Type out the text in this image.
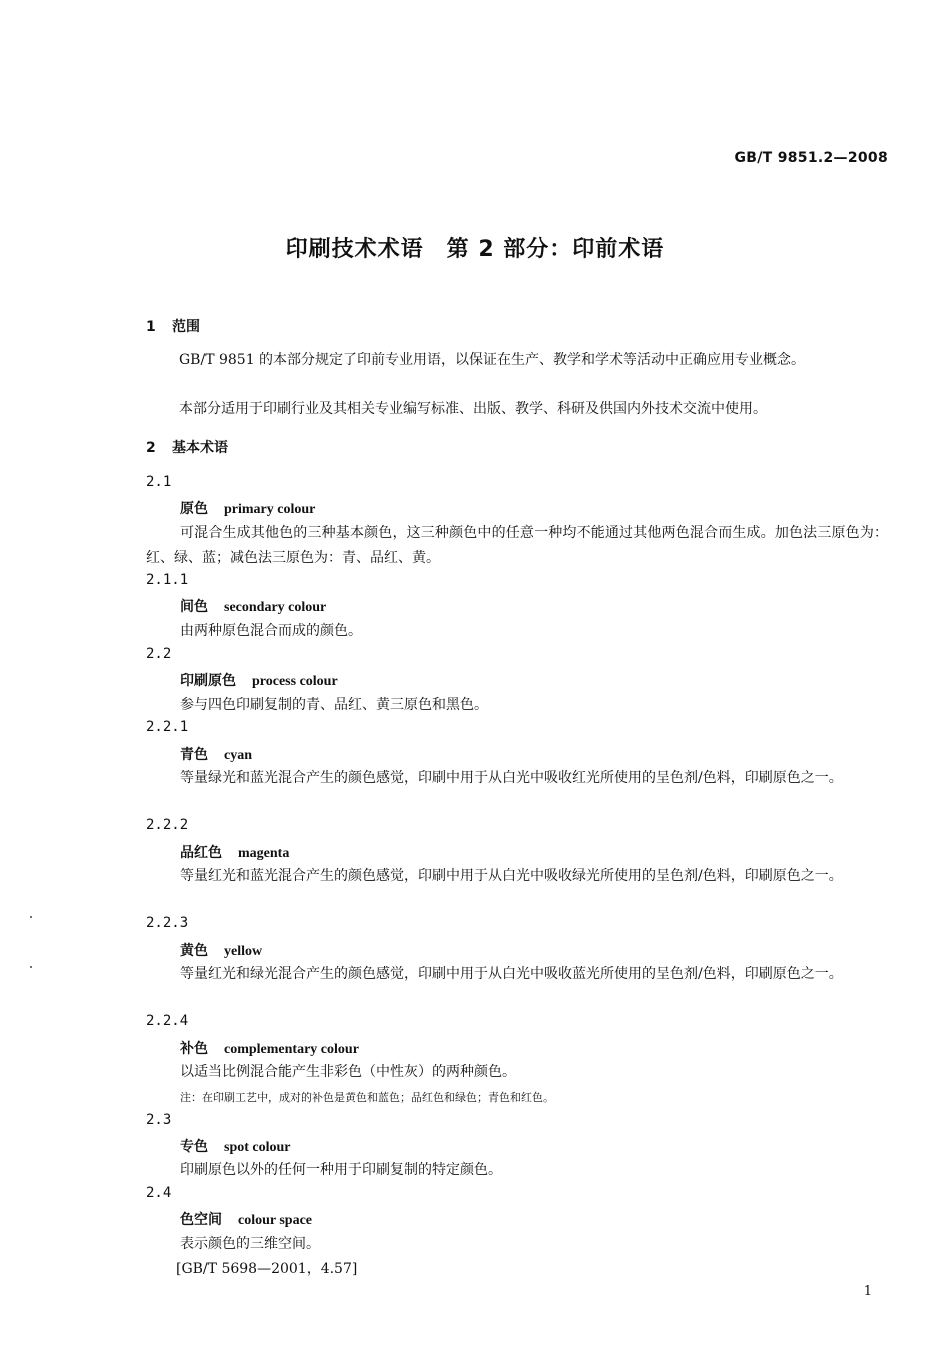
GB/T 9851.2—2008
印刷技术术语　第 2 部分：印前术语
1 范围
GB/T 9851 的本部分规定了印前专业用语，以保证在生产、教学和学术等活动中正确应用专业概念。
本部分适用于印刷行业及其相关专业编写标准、出版、教学、科研及供国内外技术交流中使用。
2 基本术语
2.1
原色 primary colour
可混合生成其他色的三种基本颜色，这三种颜色中的任意一种均不能通过其他两色混合而生成。加色法三原色为：红、绿、蓝；减色法三原色为：青、品红、黄。
2.1.1
间色 secondary colour
由两种原色混合而成的颜色。
2.2
印刷原色 process colour
参与四色印刷复制的青、品红、黄三原色和黑色。
2.2.1
青色 cyan
等量绿光和蓝光混合产生的颜色感觉，印刷中用于从白光中吸收红光所使用的呈色剂/色料，印刷原色之一。
2.2.2
品红色 magenta
等量红光和蓝光混合产生的颜色感觉，印刷中用于从白光中吸收绿光所使用的呈色剂/色料，印刷原色之一。
2.2.3
黄色 yellow
等量红光和绿光混合产生的颜色感觉，印刷中用于从白光中吸收蓝光所使用的呈色剂/色料，印刷原色之一。
2.2.4
补色 complementary colour
以适当比例混合能产生非彩色（中性灰）的两种颜色。
注：在印刷工艺中，成对的补色是黄色和蓝色；品红色和绿色；青色和红色。
2.3
专色 spot colour
印刷原色以外的任何一种用于印刷复制的特定颜色。
2.4
色空间 colour space
表示颜色的三维空间。
[GB/T 5698—2001，4.57]
1
